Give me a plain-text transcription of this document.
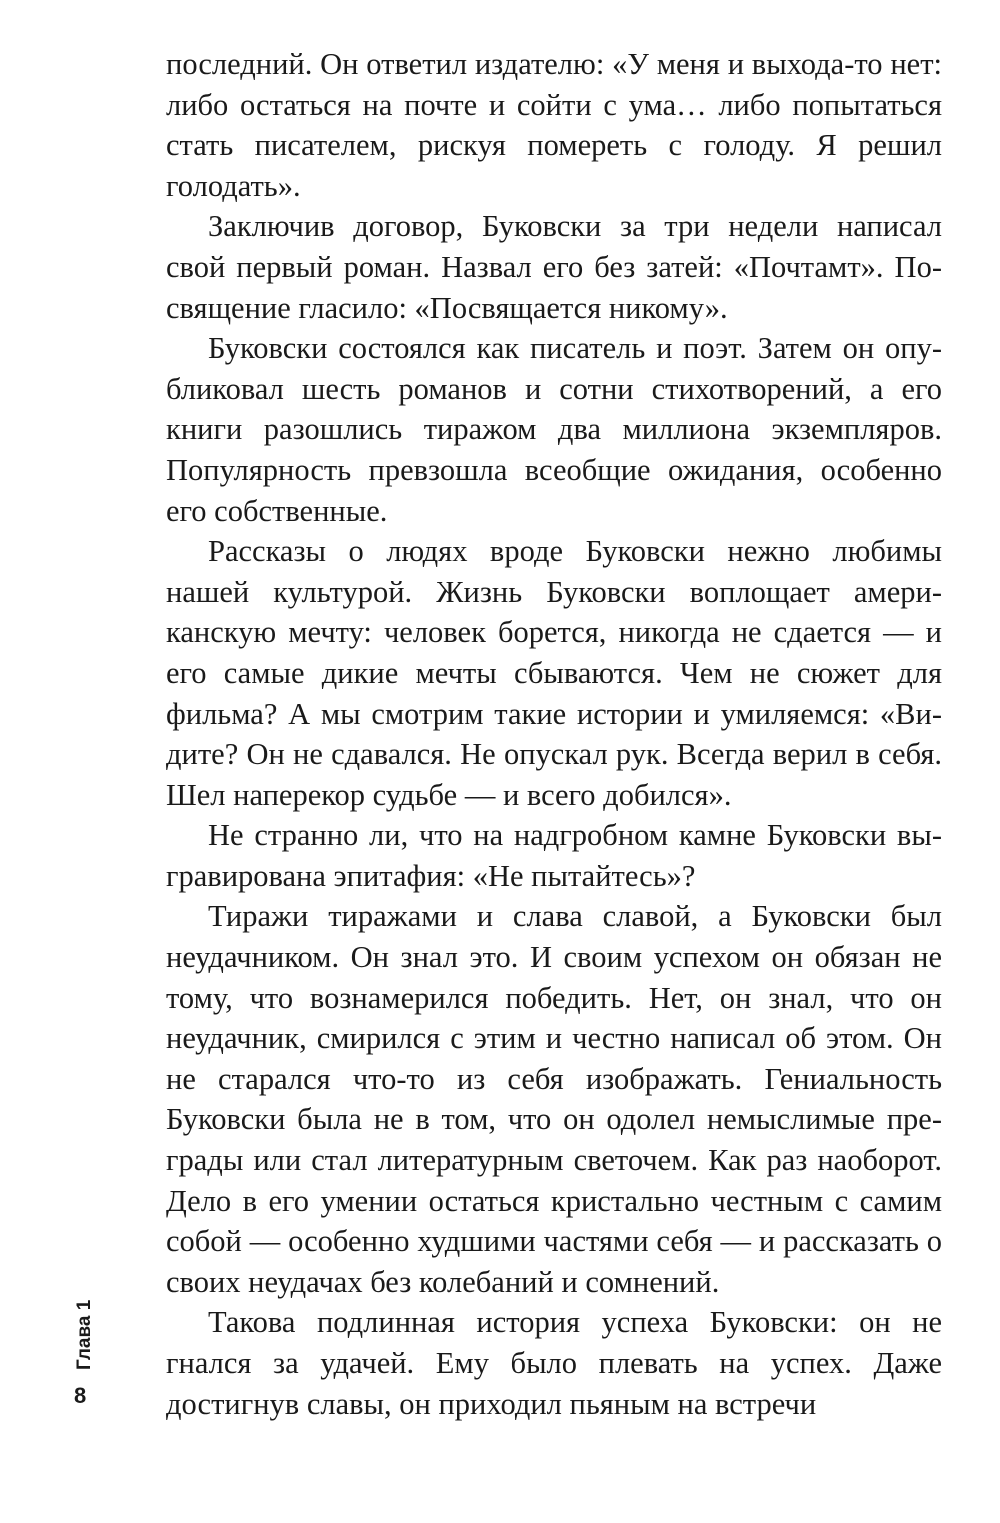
последний. Он ответил издателю: «У меня и выхода-то нет: либо остаться на почте и сойти с ума… либо попытаться стать писателем, рискуя помереть с голоду. Я решил голодать».

Заключив договор, Буковски за три недели написал свой первый роман. Назвал его без затей: «Почтамт». Посвящение гласило: «Посвящается никому».

Буковски состоялся как писатель и поэт. Затем он опубликовал шесть романов и сотни стихотворений, а его книги разошлись тиражом два миллиона экземпляров. Популярность превзошла всеобщие ожидания, особенно его собственные.

Рассказы о людях вроде Буковски нежно любимы нашей культурой. Жизнь Буковски воплощает американскую мечту: человек борется, никогда не сдается — и его самые дикие мечты сбываются. Чем не сюжет для фильма? А мы смотрим такие истории и умиляемся: «Видите? Он не сдавался. Не опускал рук. Всегда верил в себя. Шел наперекор судьбе — и всего добился».

Не странно ли, что на надгробном камне Буковски выгравирована эпитафия: «Не пытайтесь»?

Тиражи тиражами и слава славой, а Буковски был неудачником. Он знал это. И своим успехом он обязан не тому, что вознамерился победить. Нет, он знал, что он неудачник, смирился с этим и честно написал об этом. Он не старался что-то из себя изображать. Гениальность Буковски была не в том, что он одолел немыслимые преграды или стал литературным светочем. Как раз наоборот. Дело в его умении остаться кристально честным с самим собой — особенно худшими частями себя — и рассказать о своих неудачах без колебаний и сомнений.

Такова подлинная история успеха Буковски: он не гнался за удачей. Ему было плевать на успех. Даже достигнув славы, он приходил пьяным на встречи

Глава 1
8
